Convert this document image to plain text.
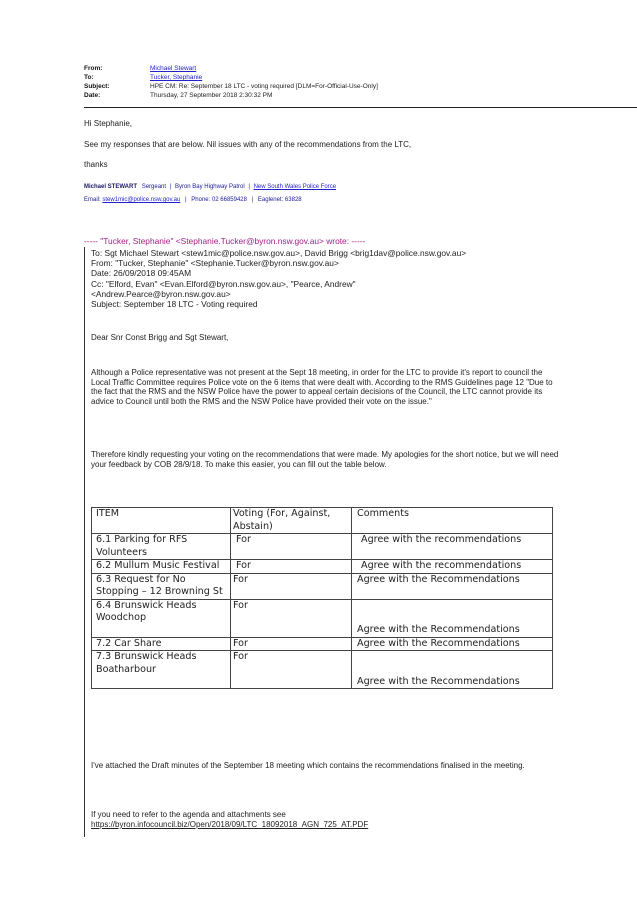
From:	Michael Stewart
To:	Tucker, Stephanie
Subject:	HPE CM: Re: September 18 LTC - voting required [DLM=For-Official-Use-Only]
Date:	Thursday, 27 September 2018 2:30:32 PM
Hi Stephanie,
See my responses that are below. Nil issues with any of the recommendations from the LTC,
thanks
Michael STEWART Sergeant | Byron Bay Highway Patrol | New South Wales Police Force
Email: stew1mic@police.nsw.gov.au | Phone: 02 66859428 | Eaglenet: 63828
----- "Tucker, Stephanie" <Stephanie.Tucker@byron.nsw.gov.au> wrote: -----
To: Sgt Michael Stewart <stew1mic@police.nsw.gov.au>, David Brigg <brig1dav@police.nsw.gov.au>
From: "Tucker, Stephanie" <Stephanie.Tucker@byron.nsw.gov.au>
Date: 26/09/2018 09:45AM
Cc: "Elford, Evan" <Evan.Elford@byron.nsw.gov.au>, "Pearce, Andrew"
<Andrew.Pearce@byron.nsw.gov.au>
Subject: September 18 LTC - Voting required
Dear Snr Const Brigg and Sgt Stewart,
Although a Police representative was not present at the Sept 18 meeting, in order for the LTC to provide it's report to council the Local Traffic Committee requires Police vote on the 6 items that were dealt with. According to the RMS Guidelines page 12 "Due to the fact that the RMS and the NSW Police have the power to appeal certain decisions of the Council, the LTC cannot provide its advice to Council until both the RMS and the NSW Police have provided their vote on the issue."
Therefore kindly requesting your voting on the recommendations that were made. My apologies for the short notice, but we will need your feedback by COB 28/9/18. To make this easier, you can fill out the table below.
ITEM	Voting (For, Against, Abstain)	Comments
6.1 Parking for RFS Volunteers	For	Agree with the recommendations
6.2 Mullum Music Festival	For	Agree with the recommendations
6.3 Request for No Stopping – 12 Browning St	For	Agree with the Recommendations
6.4 Brunswick Heads Woodchop	For	Agree with the Recommendations
7.2 Car Share	For	Agree with the Recommendations
7.3 Brunswick Heads Boatharbour	For	Agree with the Recommendations
I've attached the Draft minutes of the September 18 meeting which contains the recommendations finalised in the meeting.
If you need to refer to the agenda and attachments see
https://byron.infocouncil.biz/Open/2018/09/LTC_18092018_AGN_725_AT.PDF
